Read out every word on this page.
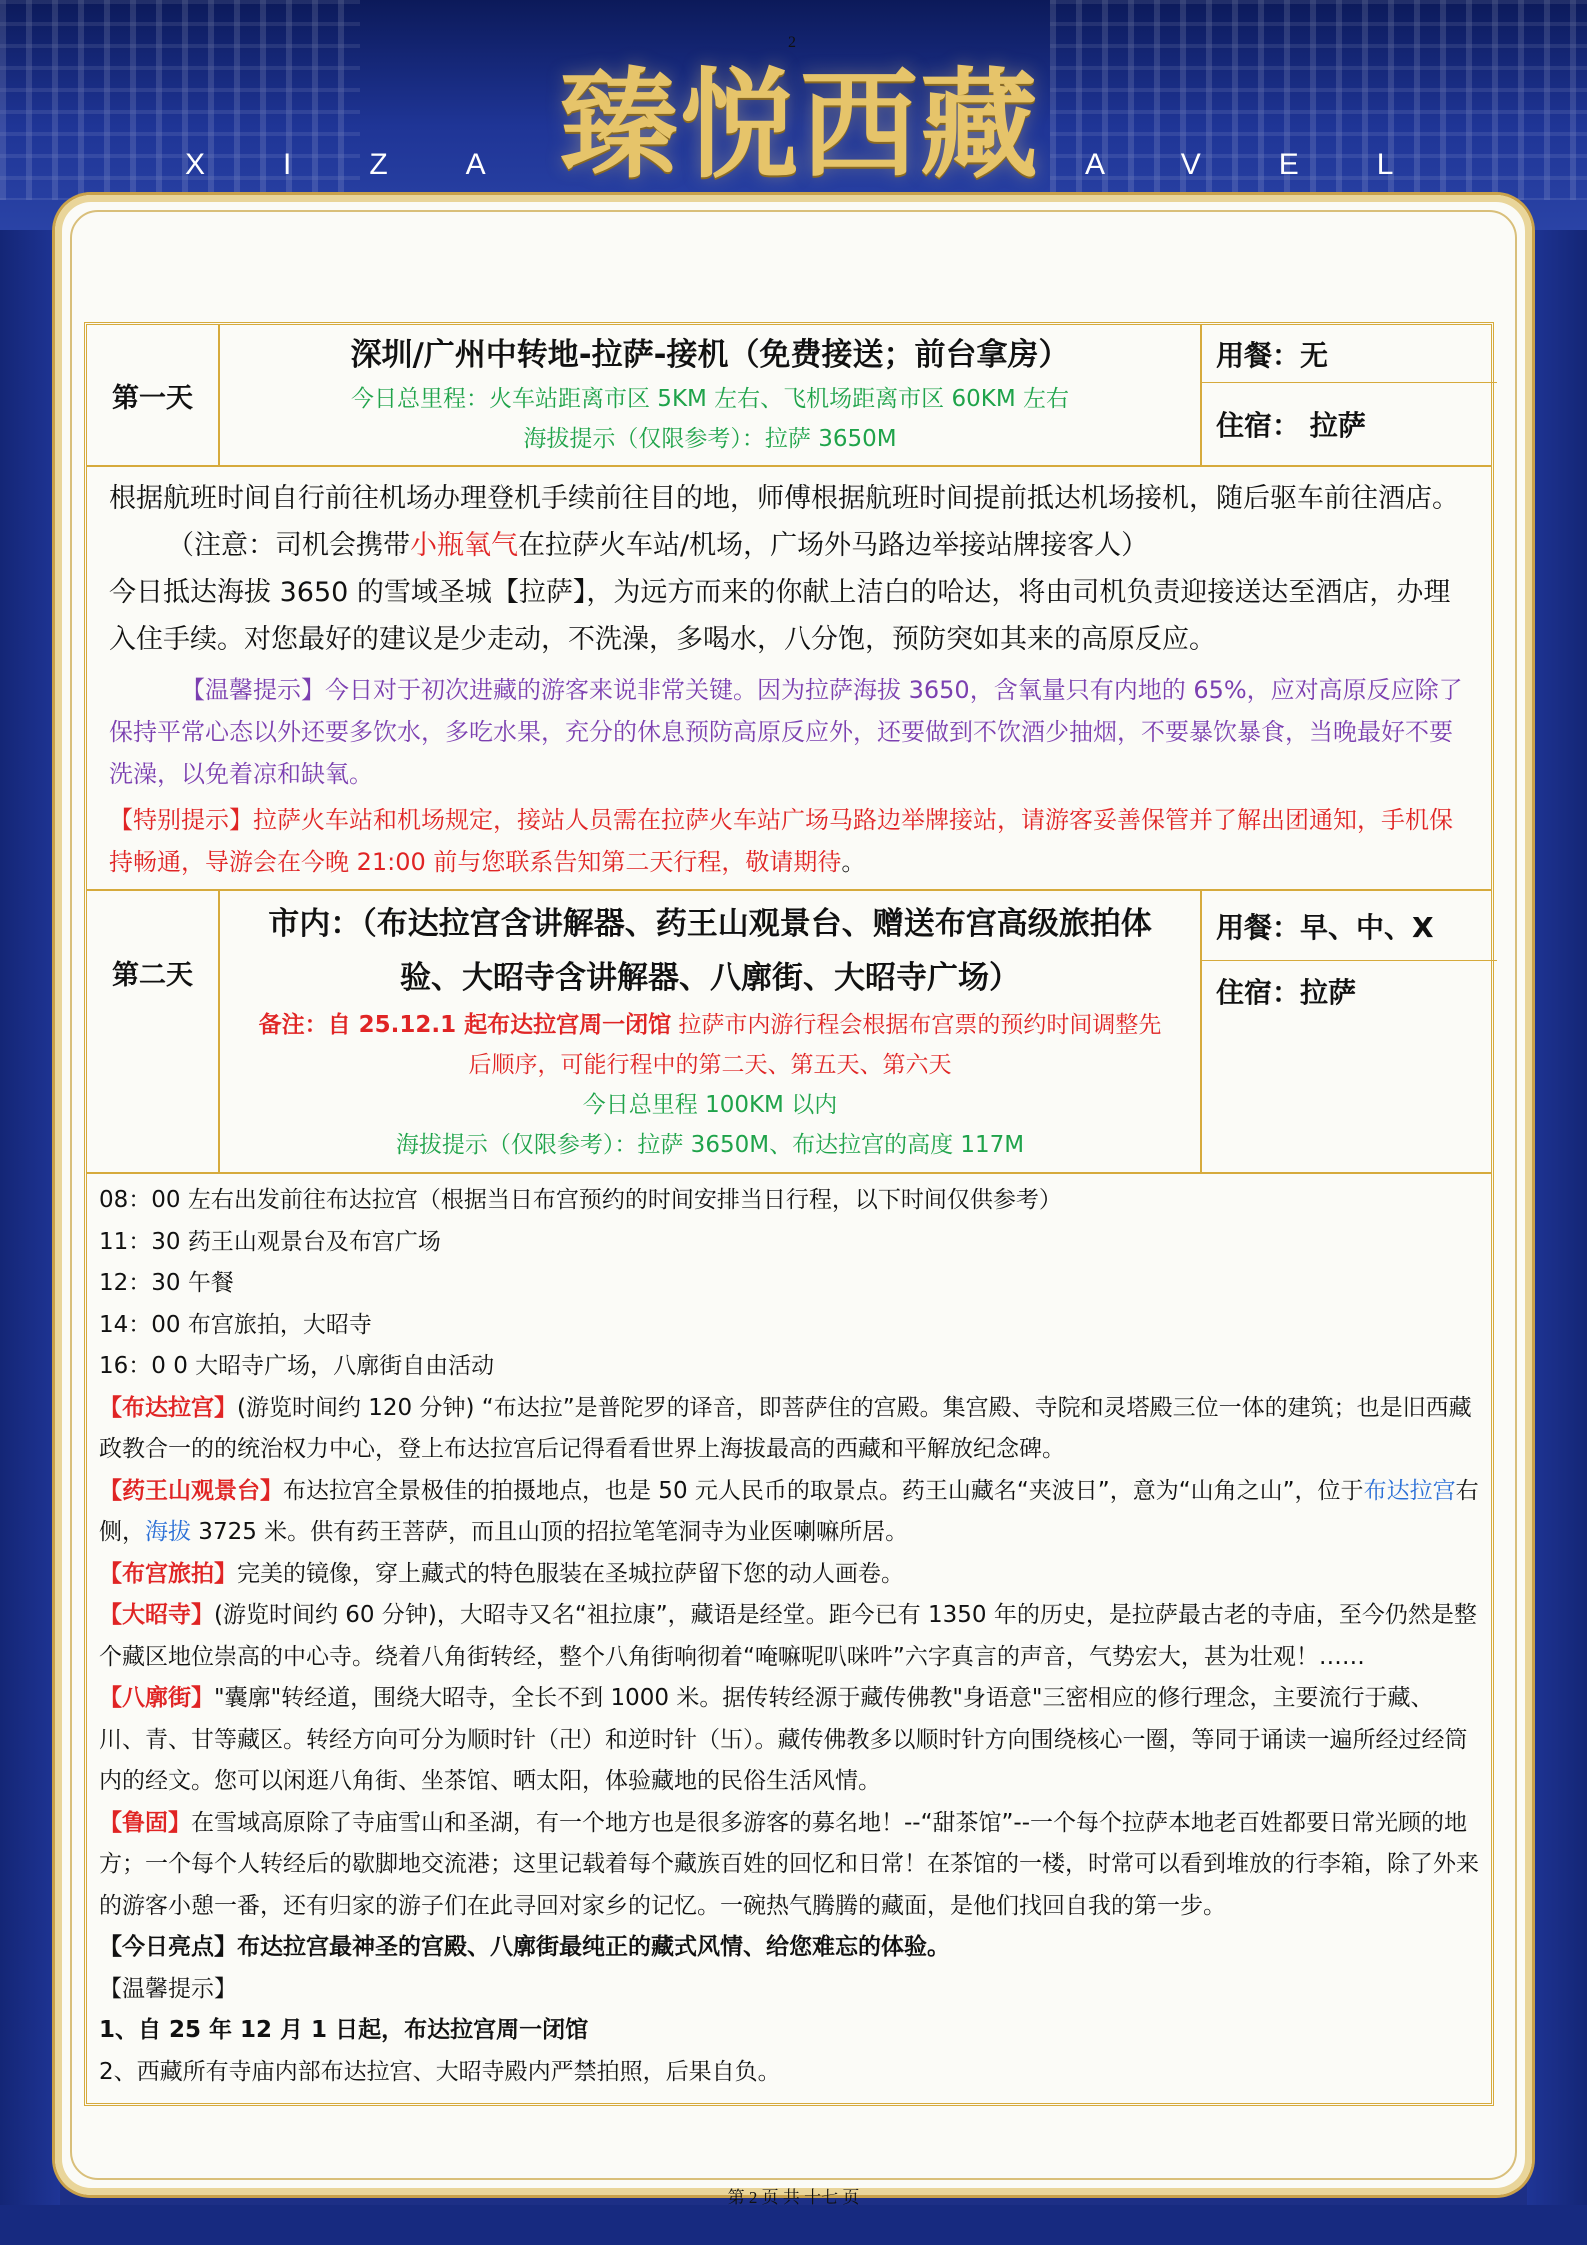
2
臻悦西藏
XIZA	AVEL
第一天
深圳/广州中转地-拉萨-接机（免费接送；前台拿房）
今日总里程：火车站距离市区 5KM 左右、飞机场距离市区 60KM 左右
海拔提示（仅限参考）：拉萨 3650M
用餐：无
住宿： 拉萨
根据航班时间自行前往机场办理登机手续前往目的地，师傅根据航班时间提前抵达机场接机，随后驱车前往酒店。
（注意：司机会携带小瓶氧气在拉萨火车站/机场，广场外马路边举接站牌接客人）
今日抵达海拔 3650 的雪域圣城【拉萨】，为远方而来的你献上洁白的哈达，将由司机负责迎接送达至酒店，办理入住手续。对您最好的建议是少走动，不洗澡，多喝水，八分饱，预防突如其来的高原反应。
【温馨提示】今日对于初次进藏的游客来说非常关键。因为拉萨海拔 3650，含氧量只有内地的 65%，应对高原反应除了保持平常心态以外还要多饮水，多吃水果，充分的休息预防高原反应外，还要做到不饮酒少抽烟，不要暴饮暴食，当晚最好不要洗澡，以免着凉和缺氧。
【特别提示】拉萨火车站和机场规定，接站人员需在拉萨火车站广场马路边举牌接站，请游客妥善保管并了解出团通知，手机保持畅通，导游会在今晚 21:00 前与您联系告知第二天行程，敬请期待。
第二天
市内：（布达拉宫含讲解器、药王山观景台、赠送布宫高级旅拍体
验、大昭寺含讲解器、八廓街、大昭寺广场）
备注：自 25.12.1 起布达拉宫周一闭馆 拉萨市内游行程会根据布宫票的预约时间调整先
后顺序，可能行程中的第二天、第五天、第六天
今日总里程 100KM 以内
海拔提示（仅限参考）：拉萨 3650M、布达拉宫的高度 117M
用餐：早、中、X
住宿：拉萨
08：00 左右出发前往布达拉宫（根据当日布宫预约的时间安排当日行程，以下时间仅供参考）
11：30 药王山观景台及布宫广场
12：30 午餐
14：00 布宫旅拍，大昭寺
16：0 0 大昭寺广场，八廓街自由活动
【布达拉宫】(游览时间约 120 分钟) “布达拉”是普陀罗的译音，即菩萨住的宫殿。集宫殿、寺院和灵塔殿三位一体的建筑；也是旧西藏政教合一的的统治权力中心，登上布达拉宫后记得看看世界上海拔最高的西藏和平解放纪念碑。
【药王山观景台】布达拉宫全景极佳的拍摄地点，也是 50 元人民币的取景点。药王山藏名“夹波日”，意为“山角之山”，位于布达拉宫右侧，海拔 3725 米。供有药王菩萨，而且山顶的招拉笔笔洞寺为业医喇嘛所居。
【布宫旅拍】完美的镜像，穿上藏式的特色服装在圣城拉萨留下您的动人画卷。
【大昭寺】(游览时间约 60 分钟)，大昭寺又名“祖拉康”，藏语是经堂。距今已有 1350 年的历史，是拉萨最古老的寺庙，至今仍然是整个藏区地位崇高的中心寺。绕着八角街转经，整个八角街响彻着“唵嘛呢叭咪吽”六字真言的声音，气势宏大，甚为壮观！……
【八廓街】"囊廓"转经道，围绕大昭寺，全长不到 1000 米。据传转经源于藏传佛教"身语意"三密相应的修行理念，主要流行于藏、川、青、甘等藏区。转经方向可分为顺时针（卍）和逆时针（卐）。藏传佛教多以顺时针方向围绕核心一圈，等同于诵读一遍所经过经筒内的经文。您可以闲逛八角街、坐茶馆、晒太阳，体验藏地的民俗生活风情。
【鲁固】在雪域高原除了寺庙雪山和圣湖，有一个地方也是很多游客的募名地！--“甜茶馆”--一个每个拉萨本地老百姓都要日常光顾的地方；一个每个人转经后的歇脚地交流港；这里记载着每个藏族百姓的回忆和日常！在茶馆的一楼，时常可以看到堆放的行李箱，除了外来的游客小憩一番，还有归家的游子们在此寻回对家乡的记忆。一碗热气腾腾的藏面，是他们找回自我的第一步。
【今日亮点】布达拉宫最神圣的宫殿、八廓街最纯正的藏式风情、给您难忘的体验。
【温馨提示】
1、自 25 年 12 月 1 日起，布达拉宫周一闭馆
2、西藏所有寺庙内部布达拉宫、大昭寺殿内严禁拍照，后果自负。
第 2 页 共 十七 页
